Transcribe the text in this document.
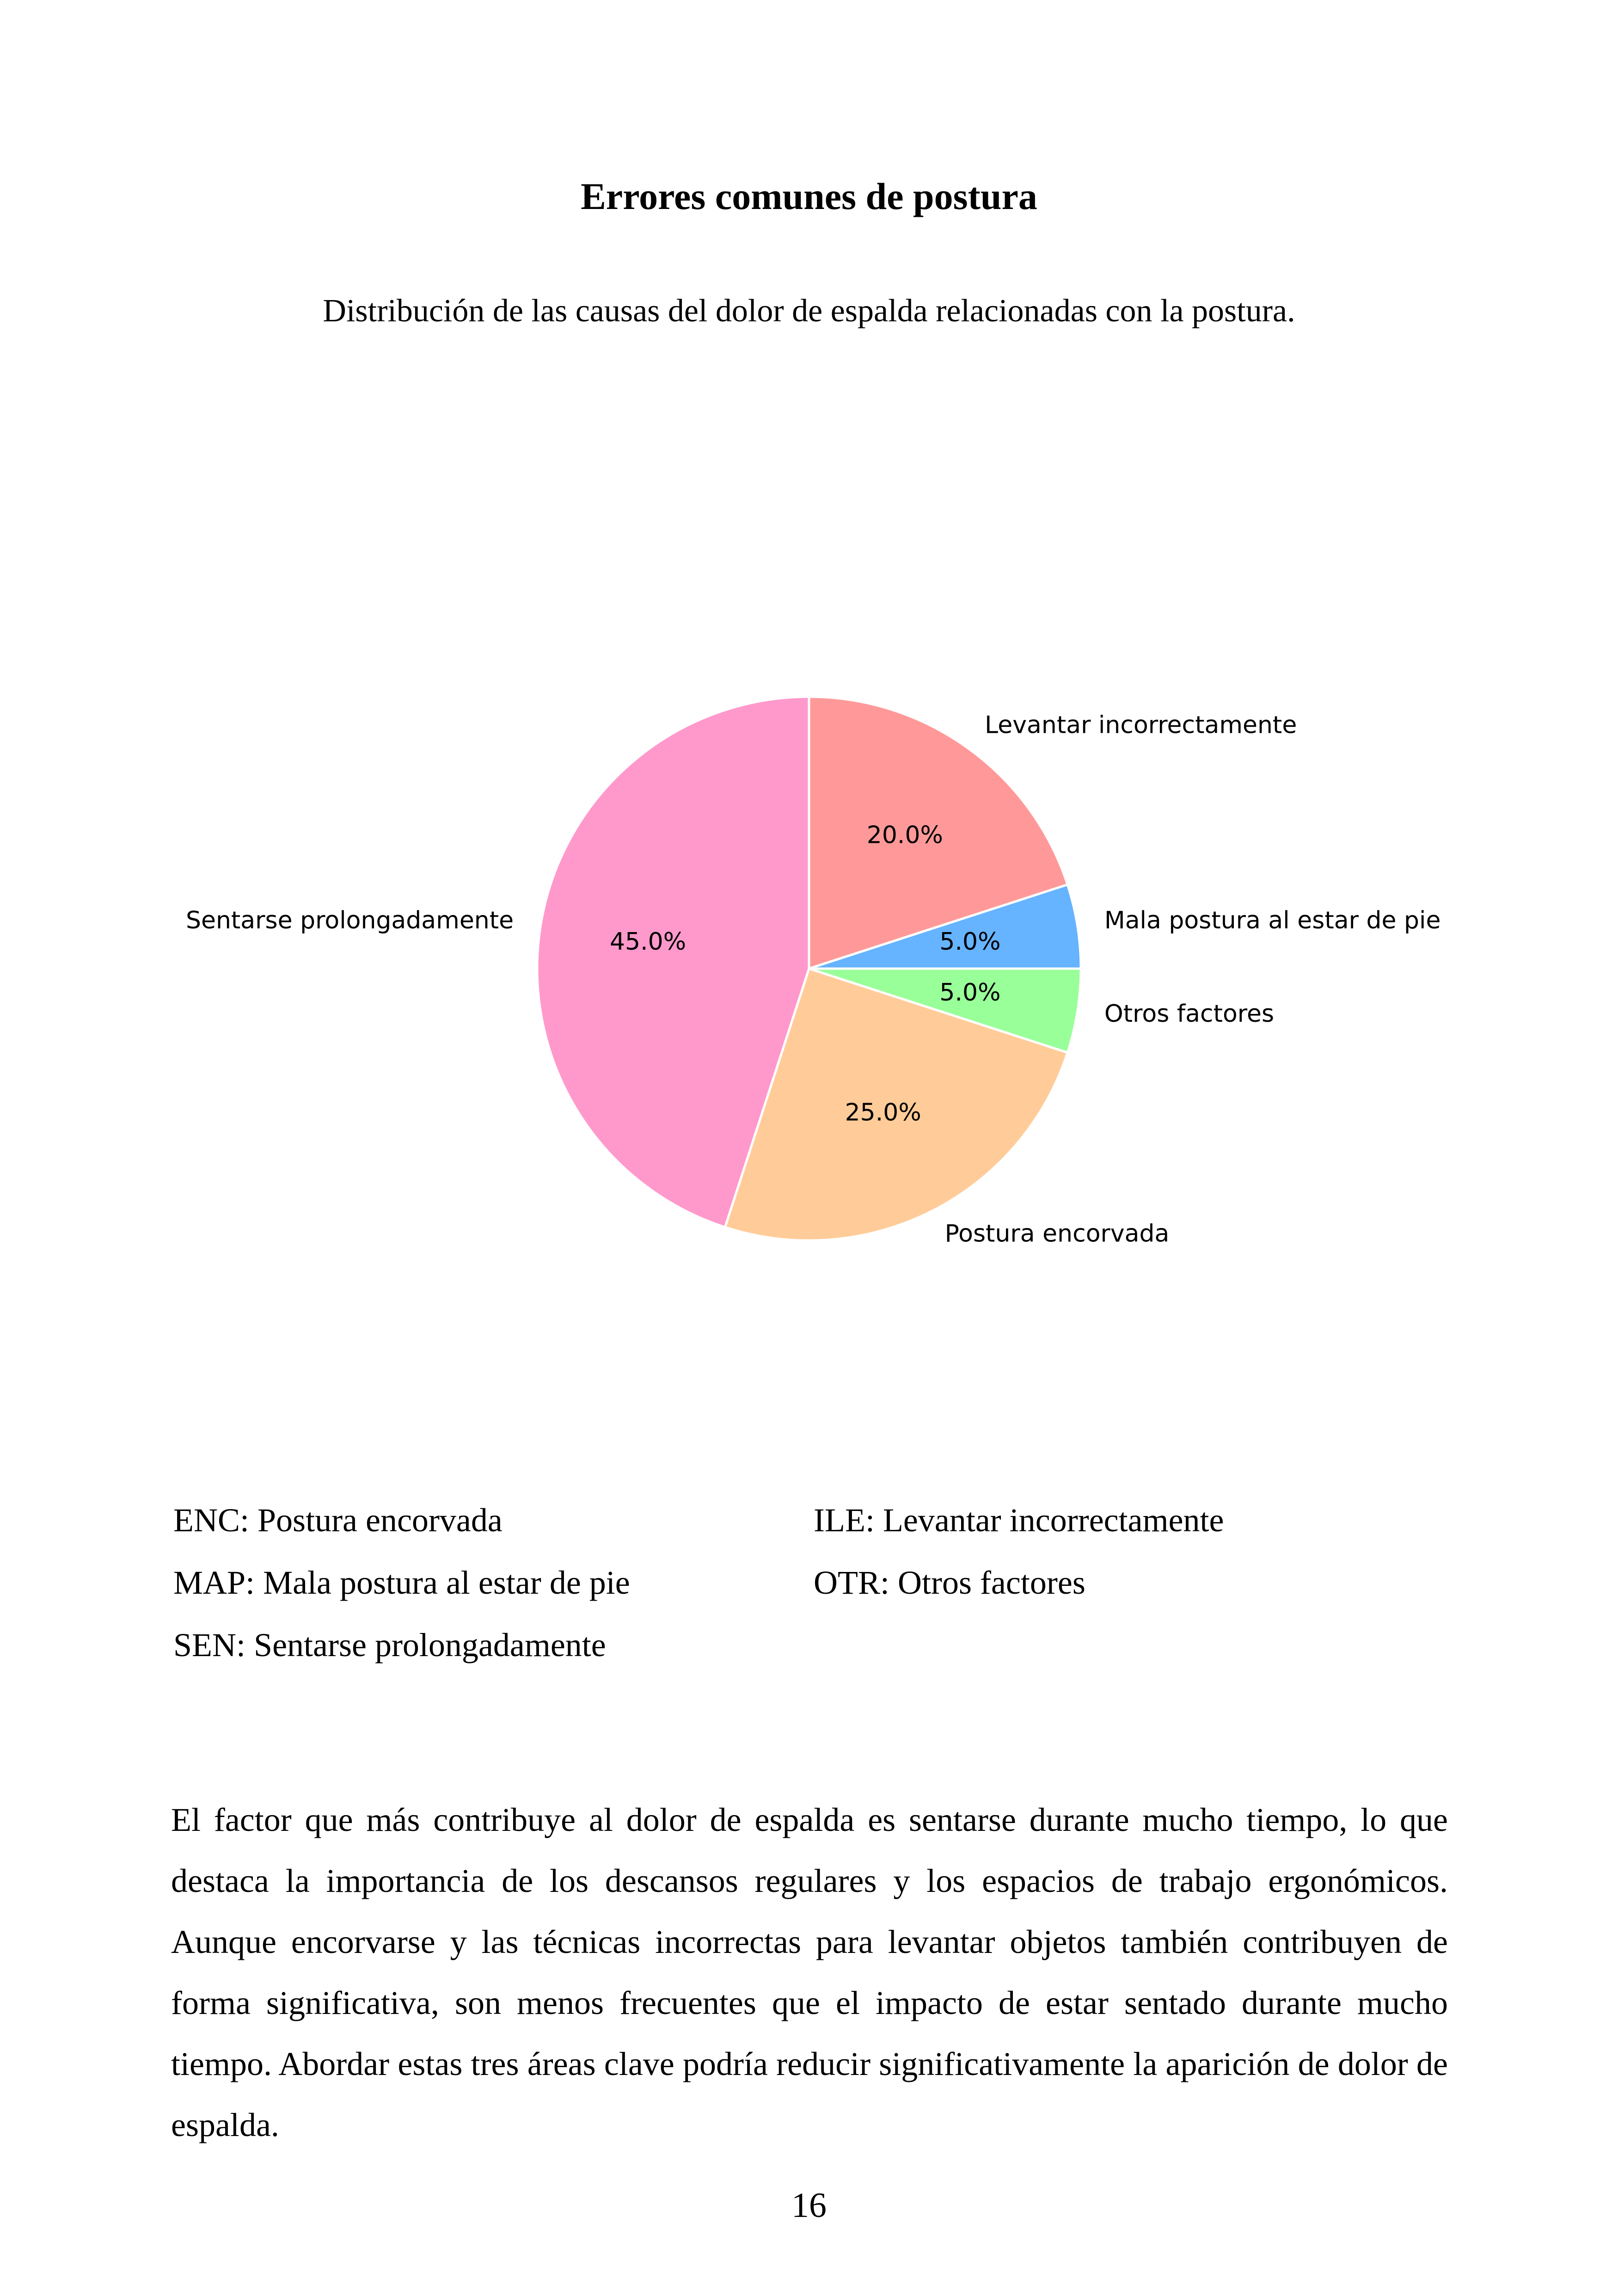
Errores comunes de postura
Distribución de las causas del dolor de espalda relacionadas con la postura.
20.0%
Levantar incorrectamente
5.0%
Mala postura al estar de pie
5.0%
Otros factores
25.0%
Postura encorvada
45.0%
Sentarse prolongadamente
ENC: Postura encorvada	ILE: Levantar incorrectamente
MAP: Mala postura al estar de pie	OTR: Otros factores
SEN: Sentarse prolongadamente
El factor que más contribuye al dolor de espalda es sentarse durante mucho tiempo, lo que destaca la importancia de los descansos regulares y los espacios de trabajo ergonómicos. Aunque encorvarse y las técnicas incorrectas para levantar objetos también contribuyen de forma significativa, son menos frecuentes que el impacto de estar sentado durante mucho tiempo. Abordar estas tres áreas clave podría reducir significativamente la aparición de dolor de espalda.
16
